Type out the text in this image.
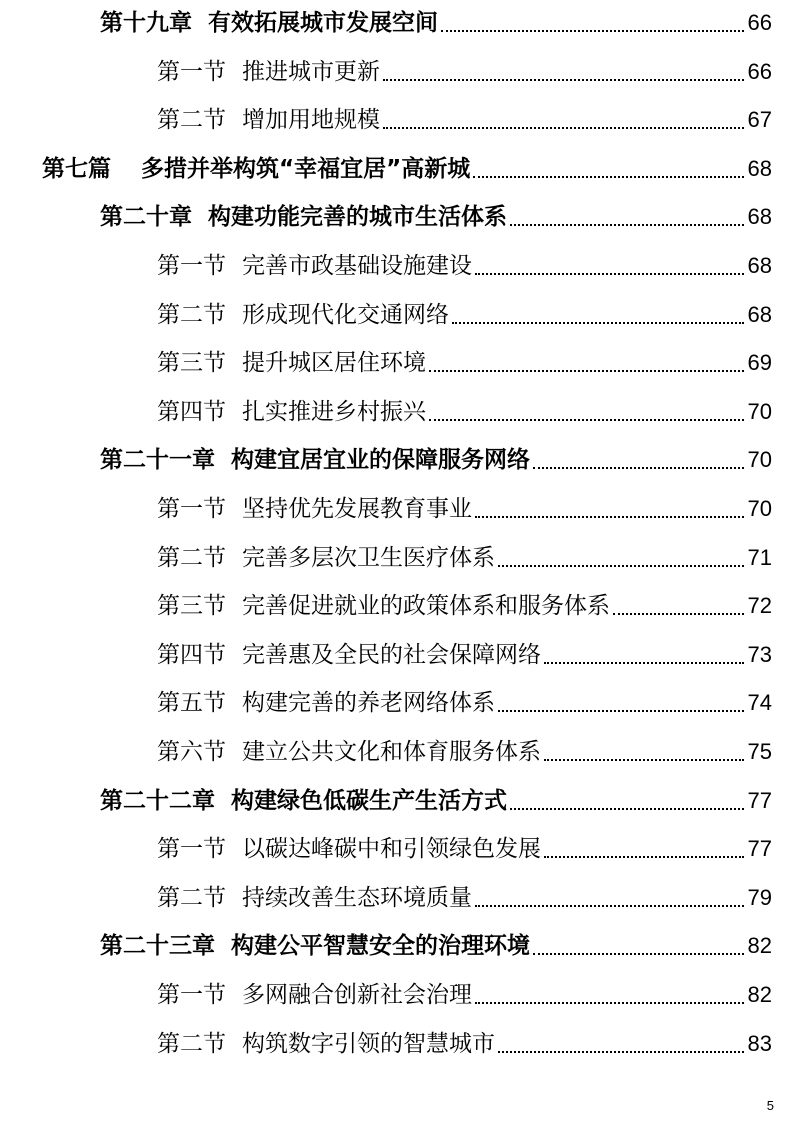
第十九章 有效拓展城市发展空间	66
第一节 推进城市更新	66
第二节 增加用地规模	67
第七篇 多措并举构筑“幸福宜居”高新城	68
第二十章 构建功能完善的城市生活体系	68
第一节 完善市政基础设施建设	68
第二节 形成现代化交通网络	68
第三节 提升城区居住环境	69
第四节 扎实推进乡村振兴	70
第二十一章 构建宜居宜业的保障服务网络	70
第一节 坚持优先发展教育事业	70
第二节 完善多层次卫生医疗体系	71
第三节 完善促进就业的政策体系和服务体系	72
第四节 完善惠及全民的社会保障网络	73
第五节 构建完善的养老网络体系	74
第六节 建立公共文化和体育服务体系	75
第二十二章 构建绿色低碳生产生活方式	77
第一节 以碳达峰碳中和引领绿色发展	77
第二节 持续改善生态环境质量	79
第二十三章 构建公平智慧安全的治理环境	82
第一节 多网融合创新社会治理	82
第二节 构筑数字引领的智慧城市	83
5
